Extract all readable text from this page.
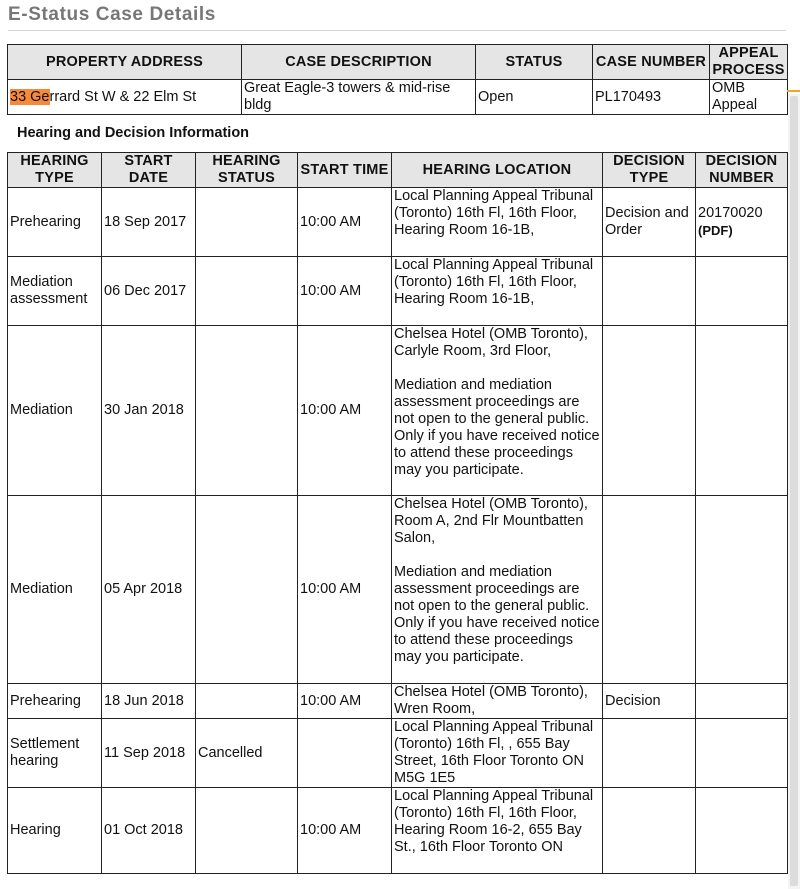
E-Status Case Details
PROPERTY ADDRESS	CASE DESCRIPTION	STATUS	CASE NUMBER	APPEAL PROCESS
33 Gerrard St W & 22 Elm St	Great Eagle-3 towers & mid-rise bldg	Open	PL170493	OMB Appeal
Hearing and Decision Information
HEARING TYPE	START DATE	HEARING STATUS	START TIME	HEARING LOCATION	DECISION TYPE	DECISION NUMBER
Prehearing	18 Sep 2017		10:00 AM	Local Planning Appeal Tribunal (Toronto) 16th Fl, 16th Floor, Hearing Room 16-1B,	Decision and Order	20170020
(PDF)
Mediation assessment	06 Dec 2017		10:00 AM	Local Planning Appeal Tribunal (Toronto) 16th Fl, 16th Floor, Hearing Room 16-1B,		
Mediation	30 Jan 2018		10:00 AM	Chelsea Hotel (OMB Toronto), Carlyle Room, 3rd Floor,
Mediation and mediation assessment proceedings are not open to the general public. Only if you have received notice to attend these proceedings may you participate.		

Mediation	05 Apr 2018		10:00 AM	Chelsea Hotel (OMB Toronto), Room A, 2nd Flr Mountbatten Salon,
Mediation and mediation assessment proceedings are not open to the general public. Only if you have received notice to attend these proceedings may you participate.		

Prehearing	18 Jun 2018		10:00 AM	Chelsea Hotel (OMB Toronto), Wren Room,	Decision	
Settlement hearing	11 Sep 2018	Cancelled		Local Planning Appeal Tribunal (Toronto) 16th Fl, , 655 Bay Street, 16th Floor Toronto ON M5G 1E5		
Hearing	01 Oct 2018		10:00 AM	Local Planning Appeal Tribunal (Toronto) 16th Fl, 16th Floor, Hearing Room 16-2, 655 Bay St., 16th Floor Toronto ON		
